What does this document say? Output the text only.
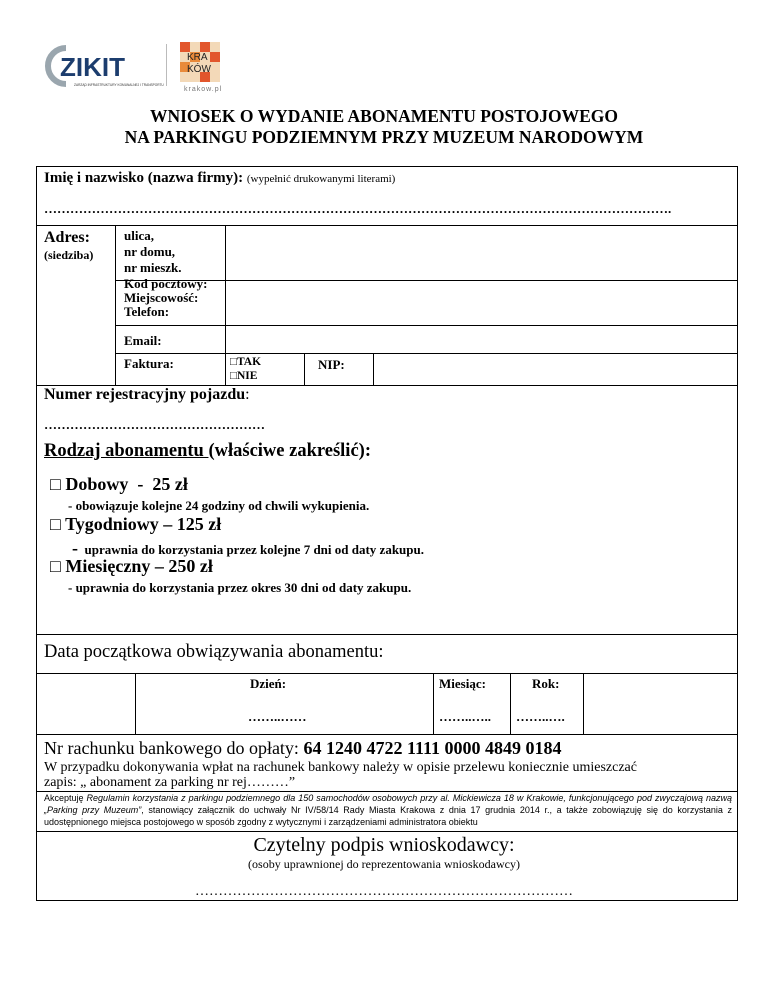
ZIKIT
ZARZĄD INFRASTRUKTURY KOMUNALNEJ I TRANSPORTU
KRA
KÓW
krakow.pl
WNIOSEK O WYDANIE ABONAMENTU POSTOJOWEGO
NA PARKINGU PODZIEMNYM PRZY MUZEUM NARODOWYM
Imię i nazwisko (nazwa firmy): (wypełnić drukowanymi literami)
……………………………………………………………………………………………………………………………….
Adres:
(siedziba)
ulica,
nr domu,
nr mieszk.
Kod pocztowy:
Miejscowość:
Telefon:
Email:
Faktura:	□TAK
□NIE
NIP:
Numer rejestracyjny pojazdu:
……………………………………………
Rodzaj abonamentu (właściwe zakreślić):
□ Dobowy  -  25 zł
- obowiązuje kolejne 24 godziny od chwili wykupienia.
□ Tygodniowy – 125 zł
- uprawnia do korzystania przez kolejne 7 dni od daty zakupu.
□ Miesięczny – 250 zł
- uprawnia do korzystania przez okres 30 dni od daty zakupu.
Data początkowa obwiązywania abonamentu:
Dzień:	Miesiąc:	Rok:
……..……	……..….. ……..….
Nr rachunku bankowego do opłaty: 64 1240 4722 1111 0000 4849 0184
W przypadku dokonywania wpłat na rachunek bankowy należy w opisie przelewu koniecznie umieszczać
zapis: „ abonament za parking nr rej………”
Akceptuję Regulamin korzystania z parkingu podziemnego dla 150 samochodów osobowych przy al. Mickiewicza 18 w Krakowie, funkcjonującego pod zwyczajową nazwą „Parking przy Muzeum”, stanowiący załącznik do uchwały Nr IV/58/14 Rady Miasta Krakowa z dnia 17 grudnia 2014 r., a także zobowiązuję się do korzystania z udostępnionego miejsca postojowego w sposób zgodny z wytycznymi i zarządzeniami administratora obiektu
Czytelny podpis wnioskodawcy:
(osoby uprawnionej do reprezentowania wnioskodawcy)
………………………………………………………………………
